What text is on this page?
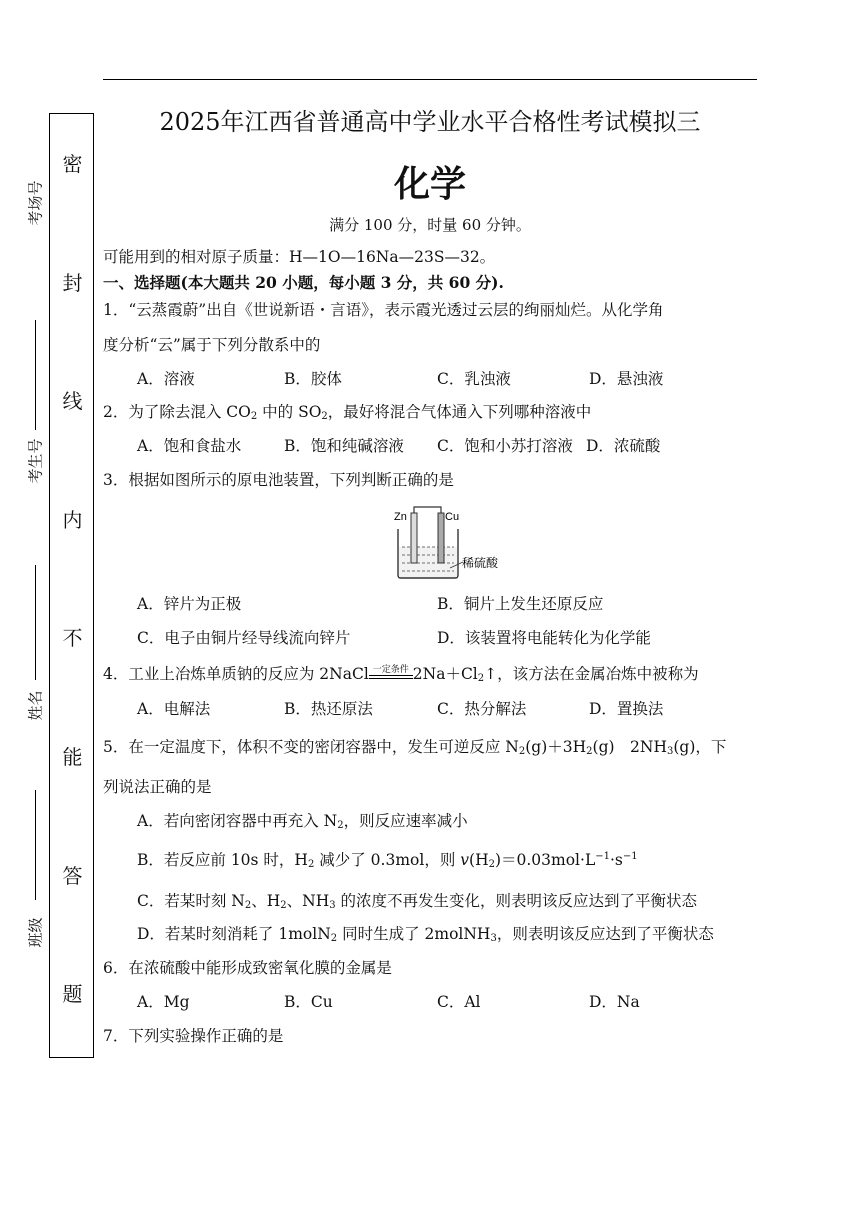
考场号
考生号
姓名
班级
密
封
线
内
不
能
答
题
2025年江西省普通高中学业水平合格性考试模拟三
化学
满分 100 分，时量 60 分钟。
可能用到的相对原子质量：H—1O—16Na—23S—32。
一、选择题(本大题共 20 小题，每小题 3 分，共 60 分).
1．“云蒸霞蔚”出自《世说新语・言语》，表示霞光透过云层的绚丽灿烂。从化学角
度分析“云”属于下列分散系中的
A．溶液	B．胶体	C．乳浊液	D．悬浊液
2．为了除去混入 $CO_2$ 中的 $SO_2$，最好将混合气体通入下列哪种溶液中
A．饱和食盐水	B．饱和纯碱溶液 C．饱和小苏打溶液 D．浓硫酸
3．根据如图所示的原电池装置，下列判断正确的是
Zn	Cu
稀硫酸
A．锌片为正极	B．铜片上发生还原反应
C．电子由铜片经导线流向锌片	D．该装置将电能转化为化学能
4．工业上冶炼单质钠的反应为 2NaCl 一定条件 $2Na+Cl_2↑$，该方法在金属冶炼中被称为
A．电解法	B．热还原法	C．热分解法	D．置换法
5．在一定温度下，体积不变的密闭容器中，发生可逆反应 $N_2(g)+3H_2(g)$　$2NH_3(g)$，下
列说法正确的是
A．若向密闭容器中再充入 $N_2$，则反应速率减小
B．若反应前 10s 时，$H_2$ 减少了 0.3mol，则 $v(H_2)=0.03mol\cdot L^{-1}\cdot s^{-1}$
C．若某时刻 $N_2$、$H_2$、$NH_3$ 的浓度不再发生变化，则表明该反应达到了平衡状态
D．若某时刻消耗了 1molN$_2$ 同时生成了 2molNH$_3$，则表明该反应达到了平衡状态
6．在浓硫酸中能形成致密氧化膜的金属是
A．Mg	B．Cu	C．Al	D．Na
7．下列实验操作正确的是
